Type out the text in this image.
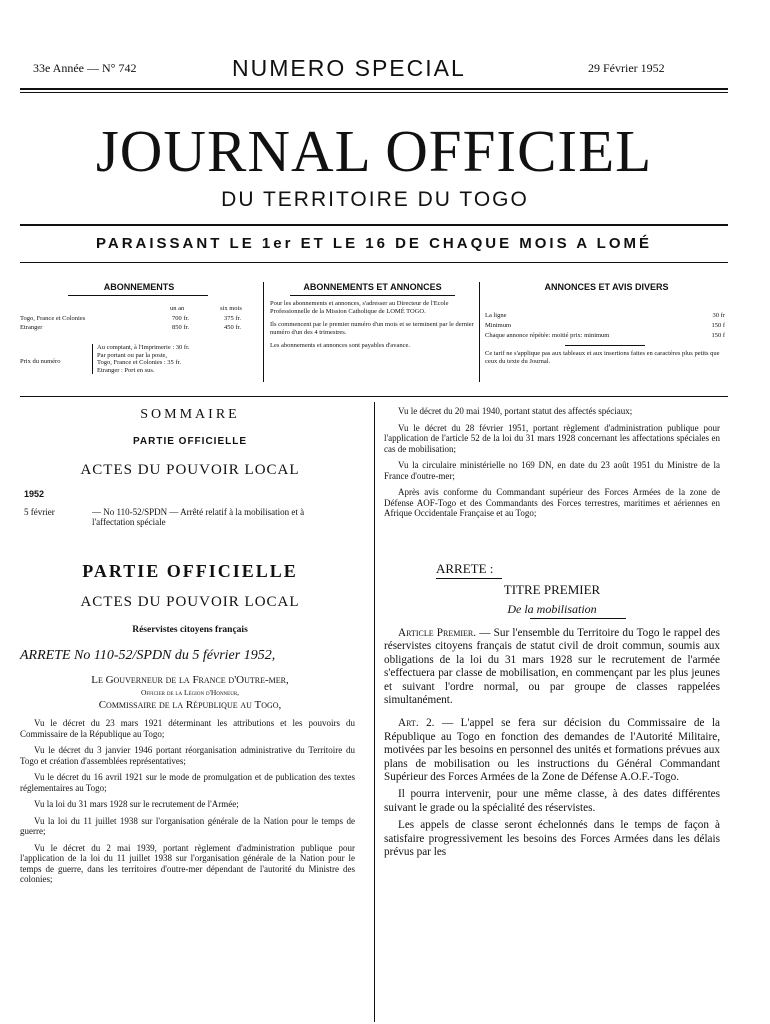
33e Année — N° 742	NUMERO SPECIAL	29 Février 1952
JOURNAL OFFICIEL
DU TERRITOIRE DU TOGO
PARAISSANT LE 1er ET LE 16 DE CHAQUE MOIS A LOMÉ
ABONNEMENTS
un an	six mois
Togo, France et Colonies	700 fr.	375 fr.
Etranger	850 fr.	450 fr.
Prix du numéro
Au comptant, à l'Imprimerie : 30 fr.
Par portant ou par la poste,
Togo, France et Colonies : 35 fr.
Etranger : Port en sus.
ABONNEMENTS ET ANNONCES

Pour les abonnements et annonces, s'adresser au Directeur de l'Ecole Professionnelle de la Mission Catholique de LOMÉ TOGO.

Ils commencent par le premier numéro d'un mois et se terminent par le dernier numéro d'un des 4 trimestres.

Les abonnements et annonces sont payables d'avance.

ANNONCES ET AVIS DIVERS
La ligne	30 fr
Minimum	150 f
Chaque annonce répétée: moitié prix: minimum	150 f

Ce tarif ne s'applique pas aux tableaux et aux insertions faites en caractères plus petits que ceux du texte du Journal.

SOMMAIRE
PARTIE OFFICIELLE
ACTES DU POUVOIR LOCAL
1952
5 février	— No 110-52/SPDN — Arrêté relatif à la mobilisation et à l'affectation spéciale
PARTIE OFFICIELLE
ACTES DU POUVOIR LOCAL
Réservistes citoyens français
ARRETE No 110-52/SPDN du 5 février 1952,
Le Gouverneur de la France d'Outre-mer,
Officier de la Légion d'Honneur,
Commissaire de la République au Togo,

Vu le décret du 23 mars 1921 déterminant les attributions et les pouvoirs du Commissaire de la République au Togo;

Vu le décret du 3 janvier 1946 portant réorganisation administrative du Territoire du Togo et création d'assemblées représentatives;

Vu le décret du 16 avril 1921 sur le mode de promulgation et de publication des textes réglementaires au Togo;

Vu la loi du 31 mars 1928 sur le recrutement de l'Armée;

Vu la loi du 11 juillet 1938 sur l'organisation générale de la Nation pour le temps de guerre;

Vu le décret du 2 mai 1939, portant règlement d'administration publique pour l'application de la loi du 11 juillet 1938 sur l'organisation générale de la Nation pour le temps de guerre, dans les territoires d'outre-mer dépendant de l'autorité du Ministre des colonies;

Vu le décret du 20 mai 1940, portant statut des affectés spéciaux;

Vu le décret du 28 février 1951, portant règlement d'administration publique pour l'application de l'article 52 de la loi du 31 mars 1928 concernant les affectations spéciales en cas de mobilisation;

Vu la circulaire ministérielle no 169 DN, en date du 23 août 1951 du Ministre de la France d'outre-mer;

Après avis conforme du Commandant supérieur des Forces Armées de la zone de Défense AOF-Togo et des Commandants des Forces terrestres, maritimes et aériennes en Afrique Occidentale Française et au Togo;

ARRETE :
TITRE PREMIER
De la mobilisation

Article Premier. — Sur l'ensemble du Territoire du Togo le rappel des réservistes citoyens français de statut civil de droit commun, soumis aux obligations de la loi du 31 mars 1928 sur le recrutement de l'armée s'effectuera par classe de mobilisation, en commençant par les plus jeunes et suivant l'ordre normal, ou par groupe de classes rappelées simultanément.

Art. 2. — L'appel se fera sur décision du Commissaire de la République au Togo en fonction des demandes de l'Autorité Militaire, motivées par les besoins en personnel des unités et formations prévues aux plans de mobilisation ou les instructions du Général Commandant Supérieur des Forces Armées de la Zone de Défense A.O.F.-Togo.

Il pourra intervenir, pour une même classe, à des dates différentes suivant le grade ou la spécialité des réservistes.

Les appels de classe seront échelonnés dans le temps de façon à satisfaire progressivement les besoins des Forces Armées dans les délais prévus par les
